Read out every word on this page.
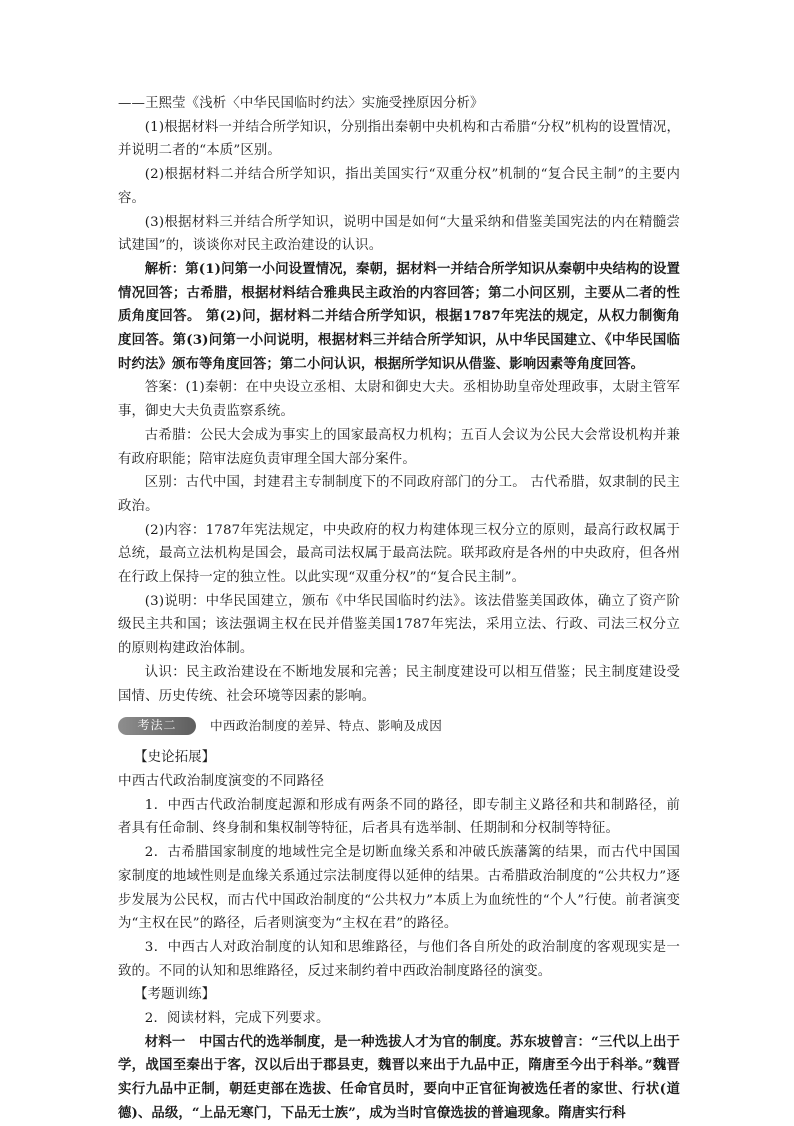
——王熙莹《浅析〈中华民国临时约法〉实施受挫原因分析》

(1)根据材料一并结合所学知识，分别指出秦朝中央机构和古希腊“分权”机构的设置情况，并说明二者的“本质”区别。

(2)根据材料二并结合所学知识，指出美国实行“双重分权”机制的“复合民主制”的主要内容。

(3)根据材料三并结合所学知识，说明中国是如何“大量采纳和借鉴美国宪法的内在精髓尝试建国”的，谈谈你对民主政治建设的认识。

解析：第(1)问第一小问设置情况，秦朝，据材料一并结合所学知识从秦朝中央结构的设置情况回答；古希腊，根据材料结合雅典民主政治的内容回答；第二小问区别，主要从二者的性质角度回答。 第(2)问，据材料二并结合所学知识，根据1787年宪法的规定，从权力制衡角度回答。第(3)问第一小问说明，根据材料三并结合所学知识，从中华民国建立、《中华民国临时约法》颁布等角度回答；第二小问认识，根据所学知识从借鉴、影响因素等角度回答。

答案：(1)秦朝：在中央设立丞相、太尉和御史大夫。丞相协助皇帝处理政事，太尉主管军事，御史大夫负责监察系统。

古希腊：公民大会成为事实上的国家最高权力机构；五百人会议为公民大会常设机构并兼有政府职能；陪审法庭负责审理全国大部分案件。

区别：古代中国，封建君主专制制度下的不同政府部门的分工。 古代希腊，奴隶制的民主政治。

(2)内容：1787年宪法规定，中央政府的权力构建体现三权分立的原则，最高行政权属于总统，最高立法机构是国会，最高司法权属于最高法院。联邦政府是各州的中央政府，但各州在行政上保持一定的独立性。以此实现“双重分权”的“复合民主制”。

(3)说明：中华民国建立，颁布《中华民国临时约法》。该法借鉴美国政体，确立了资产阶级民主共和国；该法强调主权在民并借鉴美国1787年宪法，采用立法、行政、司法三权分立的原则构建政治体制。

认识：民主政治建设在不断地发展和完善；民主制度建设可以相互借鉴；民主制度建设受国情、历史传统、社会环境等因素的影响。

考法二	中西政治制度的差异、特点、影响及成因

【史论拓展】

中西古代政治制度演变的不同路径

1．中西古代政治制度起源和形成有两条不同的路径，即专制主义路径和共和制路径，前者具有任命制、终身制和集权制等特征，后者具有选举制、任期制和分权制等特征。

2．古希腊国家制度的地域性完全是切断血缘关系和冲破氏族藩篱的结果，而古代中国国家制度的地域性则是血缘关系通过宗法制度得以延伸的结果。古希腊政治制度的“公共权力”逐步发展为公民权，而古代中国政治制度的“公共权力”本质上为血统性的“个人”行使。前者演变为“主权在民”的路径，后者则演变为“主权在君”的路径。

3．中西古人对政治制度的认知和思维路径，与他们各自所处的政治制度的客观现实是一致的。不同的认知和思维路径，反过来制约着中西政治制度路径的演变。

【考题训练】

2．阅读材料，完成下列要求。

材料一　中国古代的选举制度，是一种选拔人才为官的制度。苏东坡曾言：“三代以上出于学，战国至秦出于客，汉以后出于郡县吏，魏晋以来出于九品中正，隋唐至今出于科举。”魏晋实行九品中正制，朝廷吏部在选拔、任命官员时，要向中正官征询被选任者的家世、行状(道德)、品级，“上品无寒门，下品无士族”，成为当时官僚选拔的普遍现象。隋唐实行科
